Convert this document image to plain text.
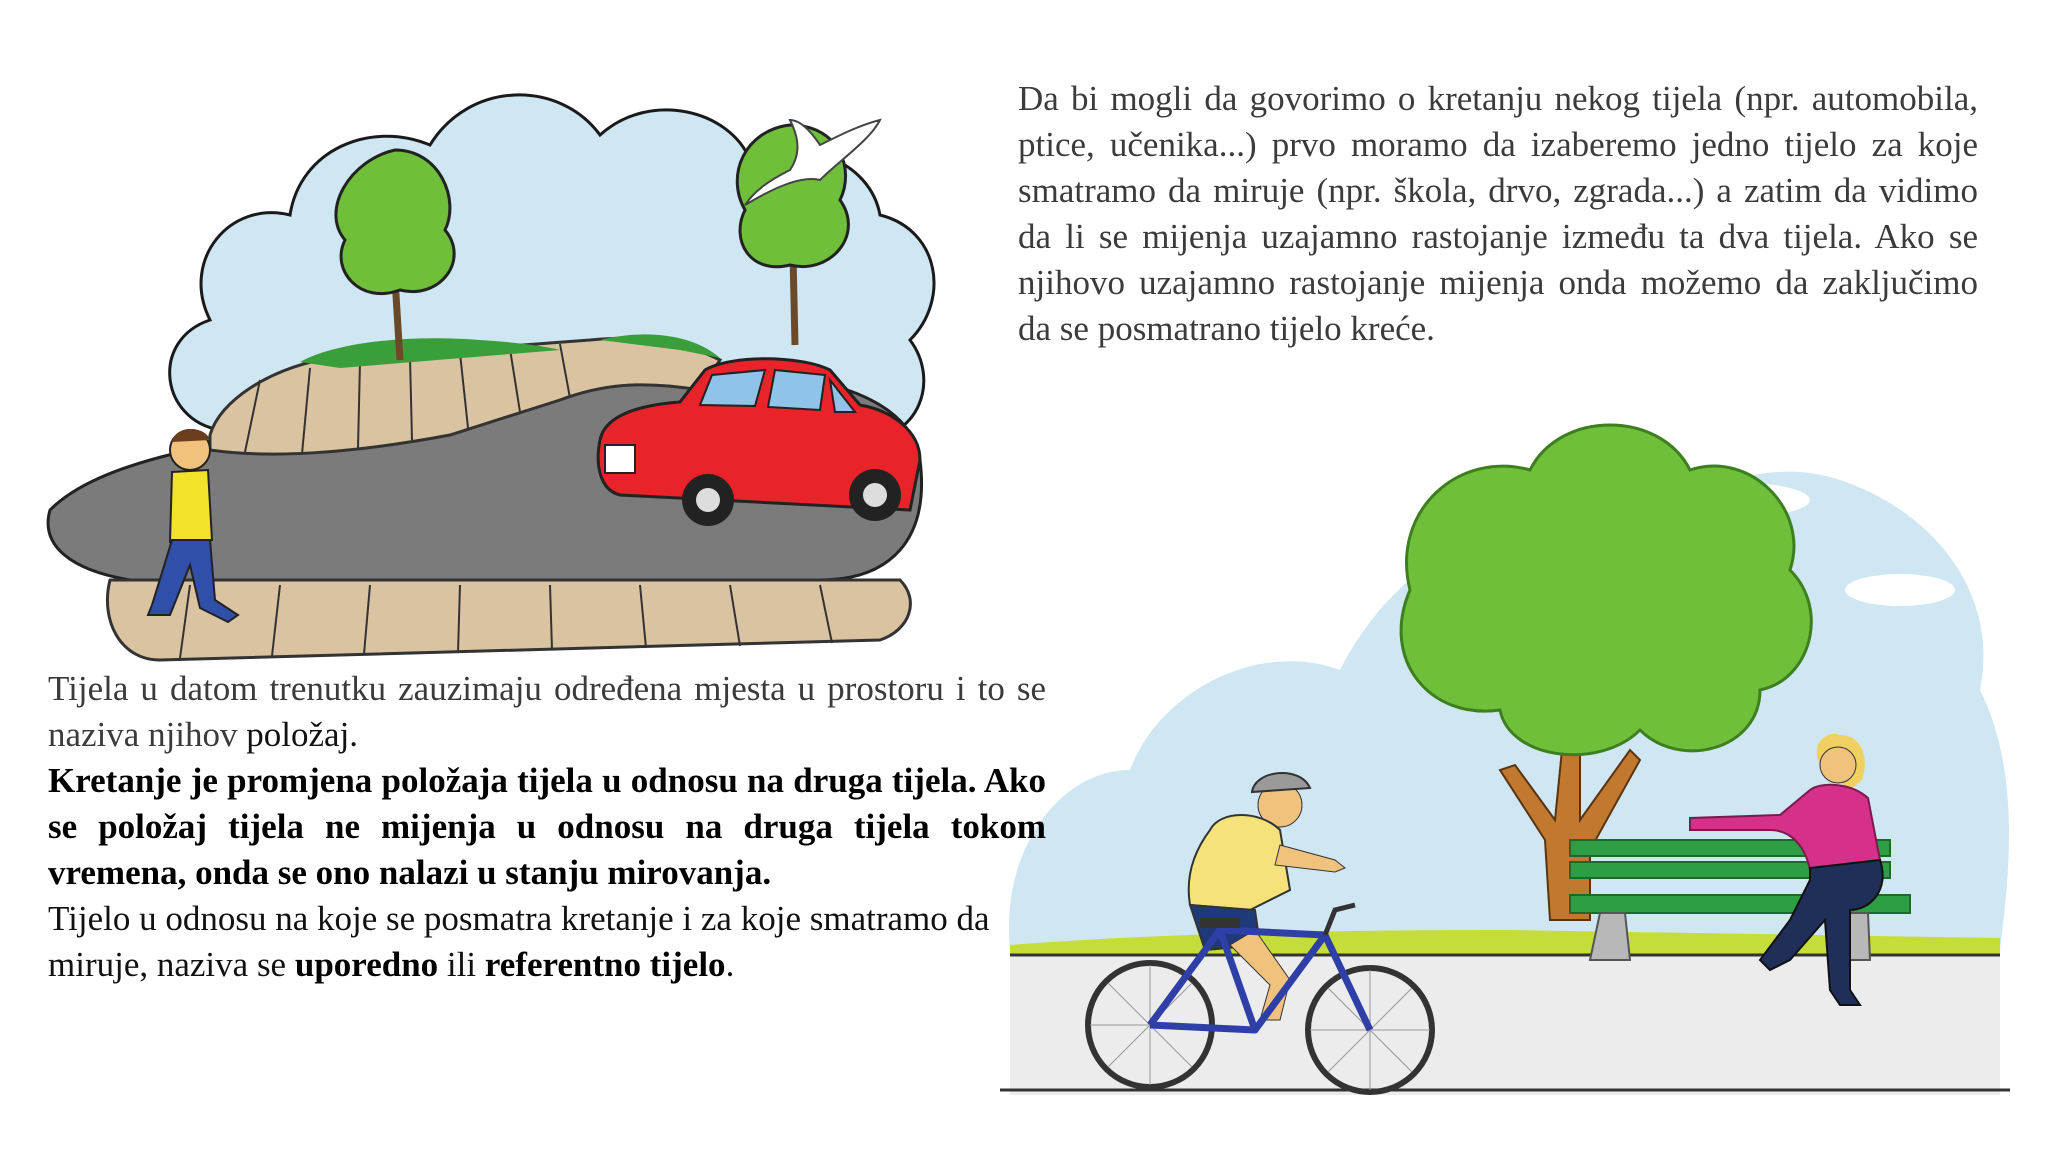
Da bi mogli da govorimo o kretanju nekog tijela (npr. automobila, ptice, učenika...) prvo moramo da izaberemo jedno tijelo za koje smatramo da miruje (npr. škola, drvo, zgrada...) a zatim da vidimo da li se mijenja uzajamno rastojanje između ta dva tijela. Ako se njihovo uzajamno rastojanje mijenja onda možemo da zaključimo da se posmatrano tijelo kreće.

Tijela u datom trenutku zauzimaju određena mjesta u prostoru i to se naziva njihov položaj.

Kretanje je promjena položaja tijela u odnosu na druga tijela. Ako se položaj tijela ne mijenja u odnosu na druga tijela tokom vremena, onda se ono nalazi u stanju mirovanja.

Tijelo u odnosu na koje se posmatra kretanje i za koje smatramo da miruje, naziva se uporedno ili referentno tijelo.
